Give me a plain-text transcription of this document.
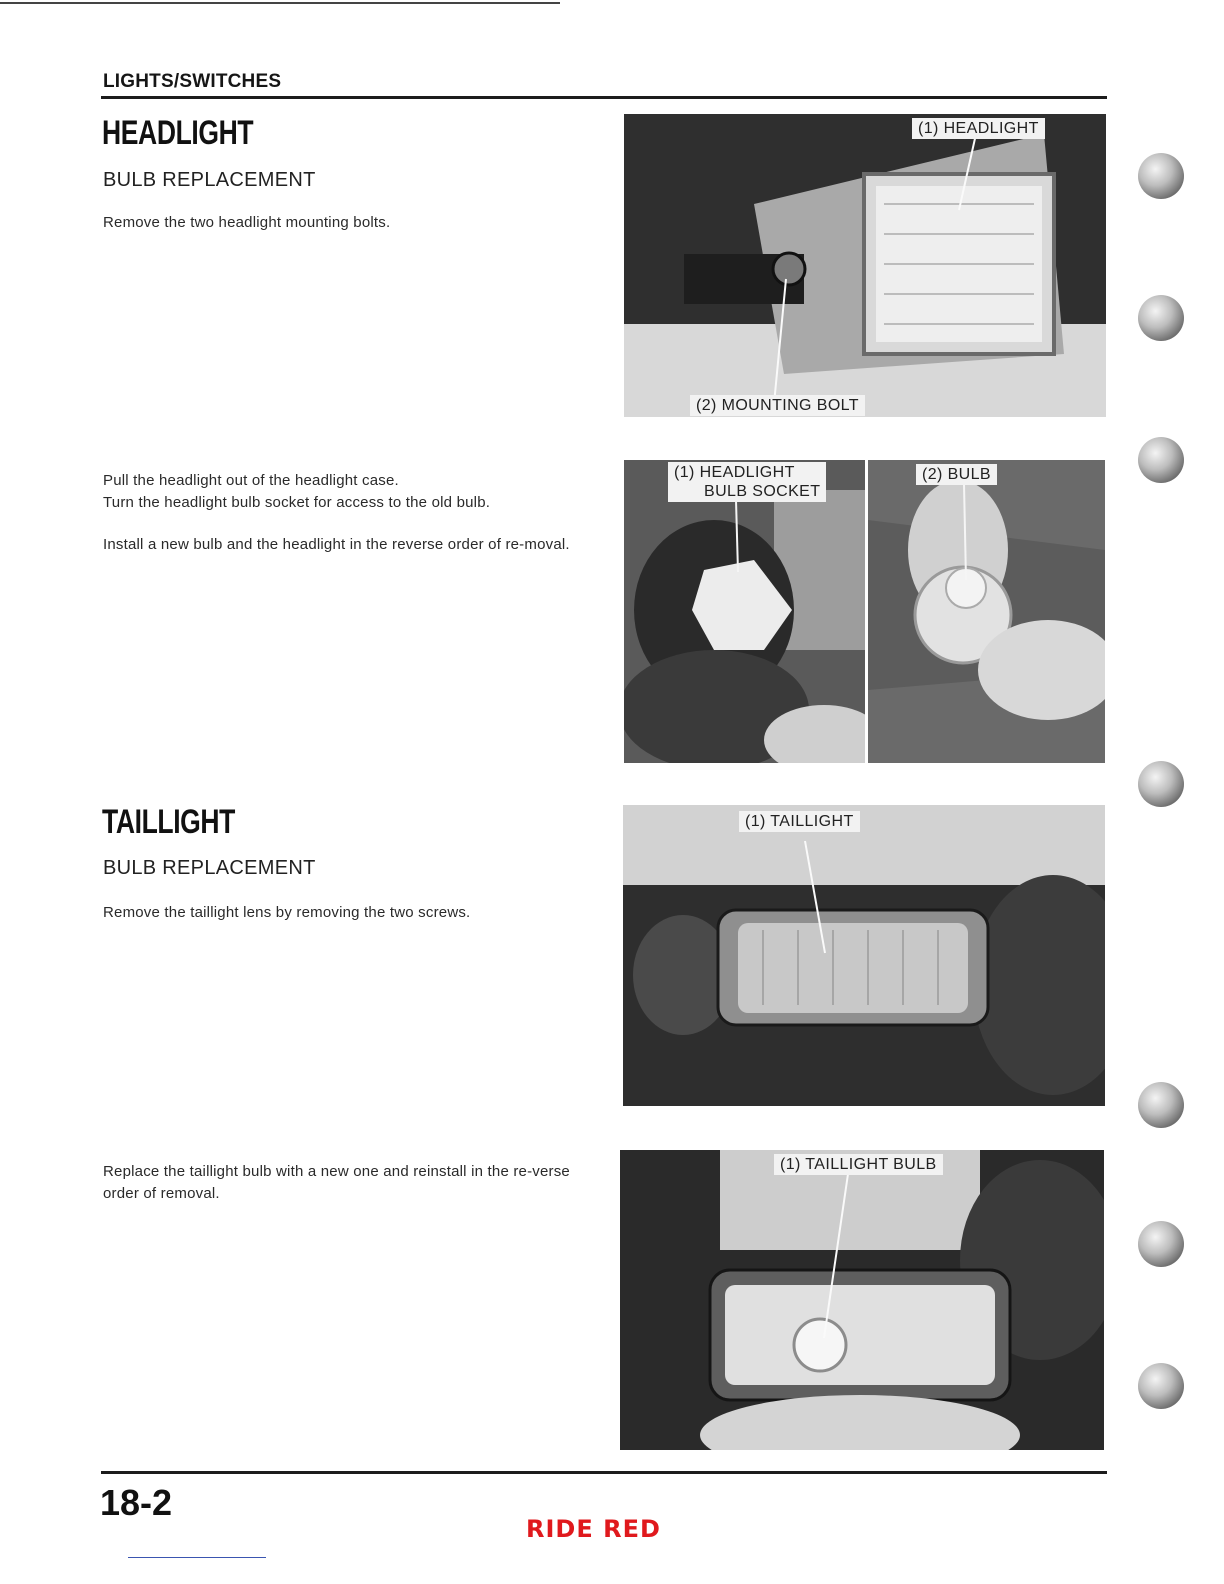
LIGHTS/SWITCHES
HEADLIGHT
BULB REPLACEMENT

Remove the two headlight mounting bolts.

Pull the headlight out of the headlight case.

Turn the headlight bulb socket for access to the old bulb.

Install a new bulb and the headlight in the reverse order of re-moval.

(1) HEADLIGHT
(2) MOUNTING BOLT
(1) HEADLIGHT
BULB SOCKET
(2) BULB
TAILLIGHT
BULB REPLACEMENT

Remove the taillight lens by removing the two screws.

Replace the taillight bulb with a new one and reinstall in the re-verse order of removal.

(1) TAILLIGHT
(1) TAILLIGHT BULB
18-2
RIDE RED
